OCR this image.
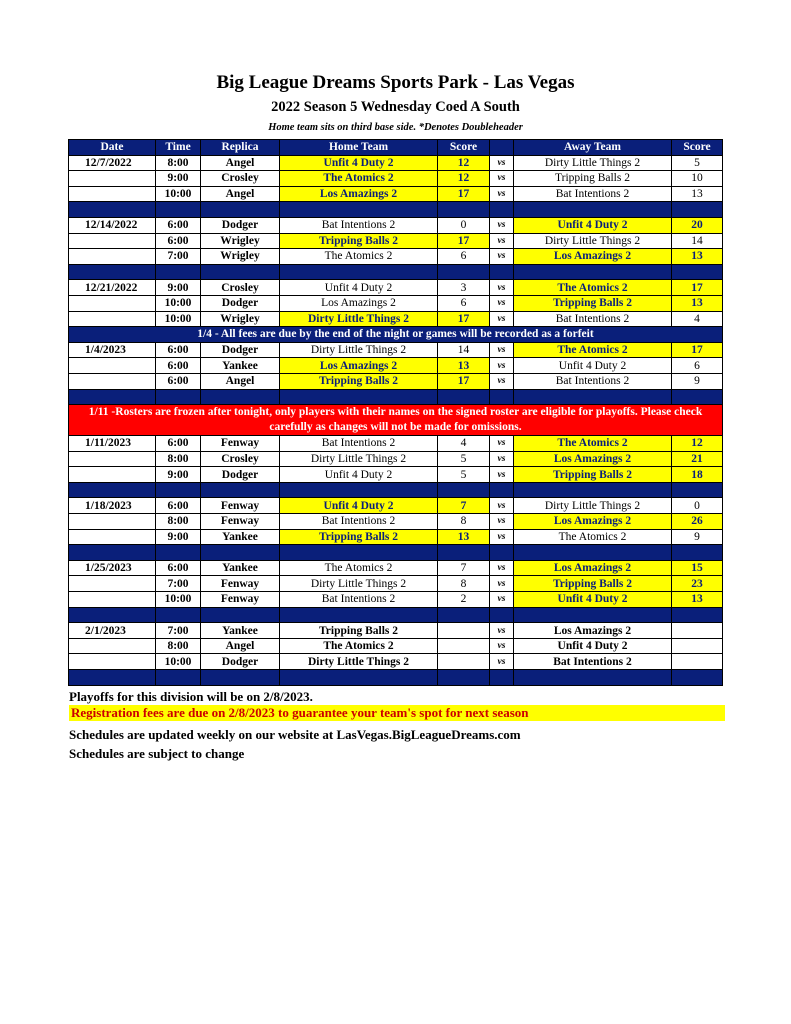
Big League Dreams Sports Park - Las Vegas
2022 Season 5 Wednesday Coed A South
Home team sits on third base side. *Denotes Doubleheader
Date	Time	Replica	Home Team	Score		Away Team	Score
12/7/2022	8:00	Angel	Unfit 4 Duty 2	12	vs	Dirty Little Things 2	5
	9:00	Crosley	The Atomics 2	12	vs	Tripping Balls 2	10
	10:00	Angel	Los Amazings 2	17	vs	Bat Intentions 2	13

12/14/2022	6:00	Dodger	Bat Intentions 2	0	vs	Unfit 4 Duty 2	20
	6:00	Wrigley	Tripping Balls 2	17	vs	Dirty Little Things 2	14
	7:00	Wrigley	The Atomics 2	6	vs	Los Amazings 2	13

12/21/2022	9:00	Crosley	Unfit 4 Duty 2	3	vs	The Atomics 2	17
	10:00	Dodger	Los Amazings 2	6	vs	Tripping Balls 2	13
	10:00	Wrigley	Dirty Little Things 2	17	vs	Bat Intentions 2	4
1/4 - All fees are due by the end of the night or games will be recorded as a forfeit							
1/4/2023	6:00	Dodger	Dirty Little Things 2	14	vs	The Atomics 2	17
	6:00	Yankee	Los Amazings 2	13	vs	Unfit 4 Duty 2	6
	6:00	Angel	Tripping Balls 2	17	vs	Bat Intentions 2	9

1/11 -Rosters are frozen after tonight, only players with their names on the signed roster are eligible for playoffs. Please check carefully as changes will not be made for omissions.							
1/11/2023	6:00	Fenway	Bat Intentions 2	4	vs	The Atomics 2	12
	8:00	Crosley	Dirty Little Things 2	5	vs	Los Amazings 2	21
	9:00	Dodger	Unfit 4 Duty 2	5	vs	Tripping Balls 2	18

1/18/2023	6:00	Fenway	Unfit 4 Duty 2	7	vs	Dirty Little Things 2	0
	8:00	Fenway	Bat Intentions 2	8	vs	Los Amazings 2	26
	9:00	Yankee	Tripping Balls 2	13	vs	The Atomics 2	9

1/25/2023	6:00	Yankee	The Atomics 2	7	vs	Los Amazings 2	15
	7:00	Fenway	Dirty Little Things 2	8	vs	Tripping Balls 2	23
	10:00	Fenway	Bat Intentions 2	2	vs	Unfit 4 Duty 2	13

2/1/2023	7:00	Yankee	Tripping Balls 2		vs	Los Amazings 2	
	8:00	Angel	The Atomics 2		vs	Unfit 4 Duty 2	
	10:00	Dodger	Dirty Little Things 2		vs	Bat Intentions 2	

Playoffs for this division will be on 2/8/2023.
Registration fees are due on 2/8/2023 to guarantee your team's spot for next season
Schedules are updated weekly on our website at LasVegas.BigLeagueDreams.com
Schedules are subject to change
